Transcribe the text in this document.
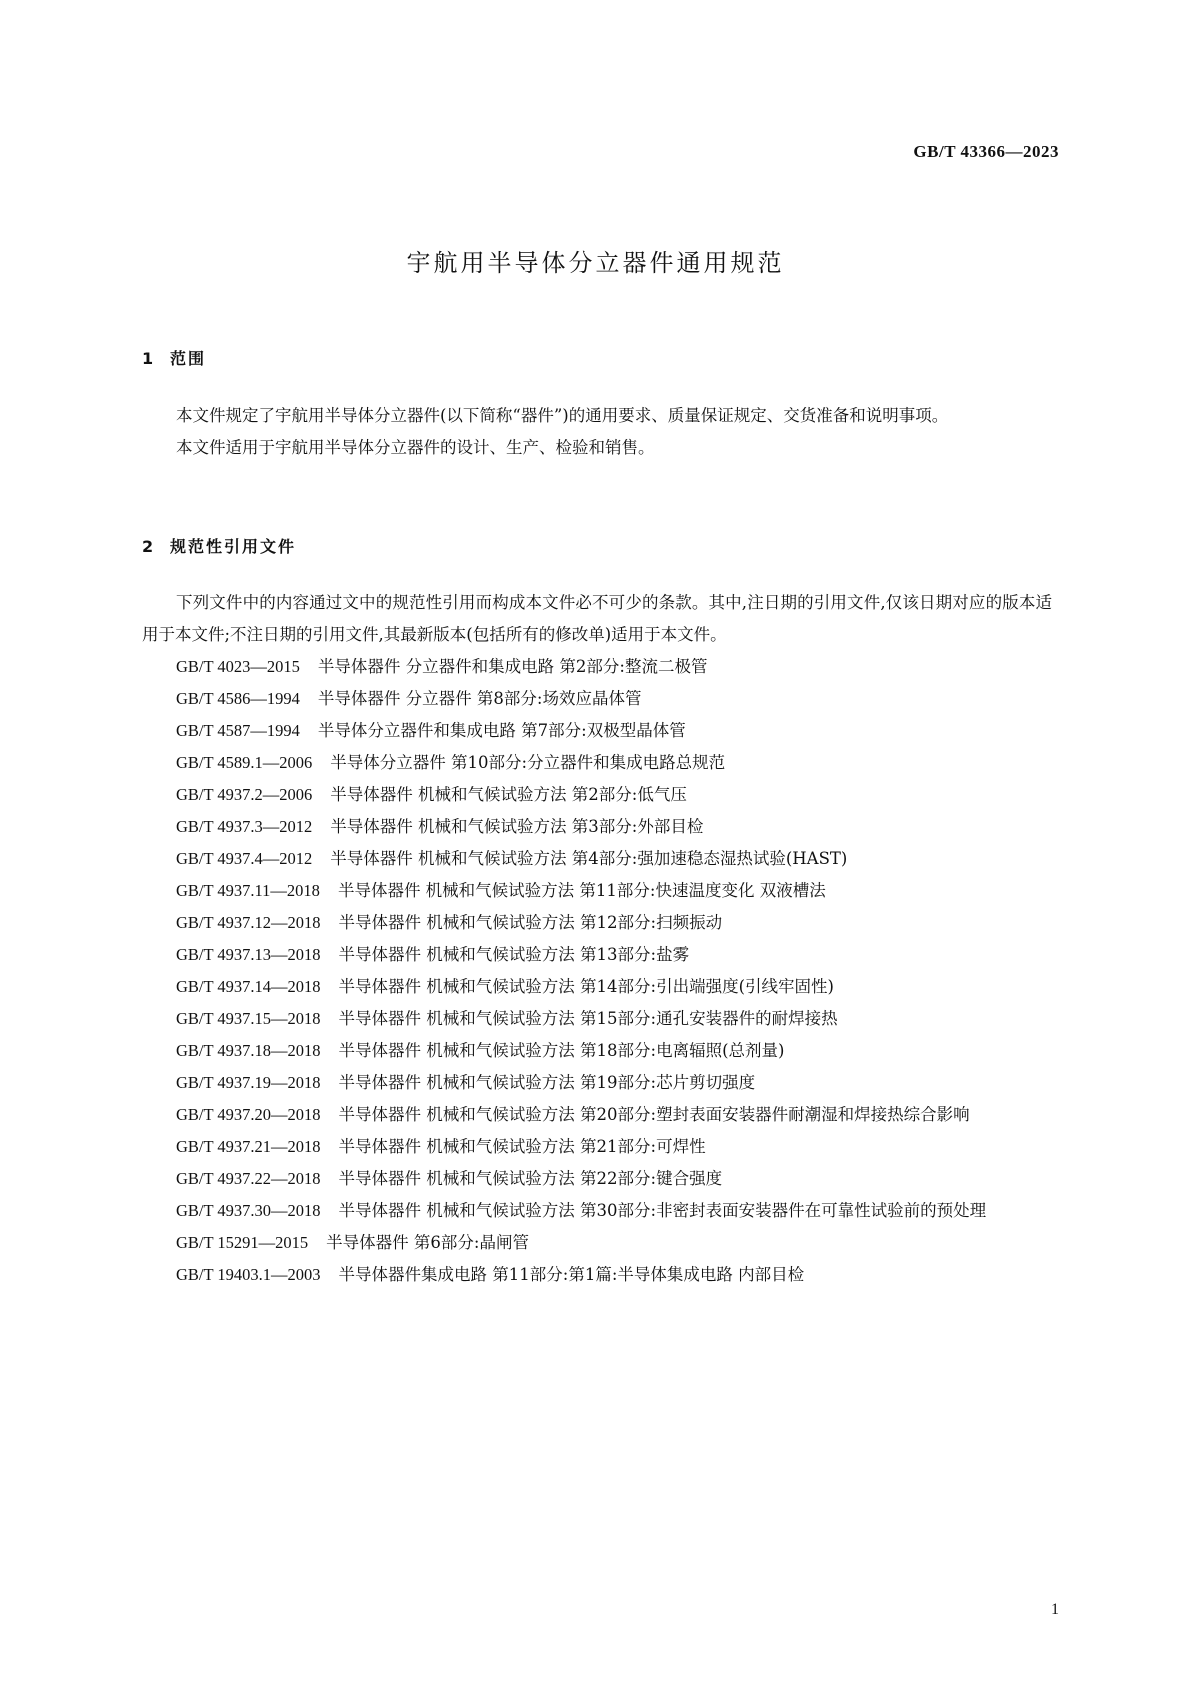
GB/T 43366—2023
宇航用半导体分立器件通用规范
1 范围

本文件规定了宇航用半导体分立器件(以下简称“器件”)的通用要求、质量保证规定、交货准备和说明事项。

本文件适用于宇航用半导体分立器件的设计、生产、检验和销售。

2 规范性引用文件

下列文件中的内容通过文中的规范性引用而构成本文件必不可少的条款。其中,注日期的引用文件,仅该日期对应的版本适用于本文件;不注日期的引用文件,其最新版本(包括所有的修改单)适用于本文件。

GB/T 4023—2015 半导体器件 分立器件和集成电路 第2部分:整流二极管

GB/T 4586—1994 半导体器件 分立器件 第8部分:场效应晶体管

GB/T 4587—1994 半导体分立器件和集成电路 第7部分:双极型晶体管

GB/T 4589.1—2006 半导体分立器件 第10部分:分立器件和集成电路总规范

GB/T 4937.2—2006 半导体器件 机械和气候试验方法 第2部分:低气压

GB/T 4937.3—2012 半导体器件 机械和气候试验方法 第3部分:外部目检

GB/T 4937.4—2012 半导体器件 机械和气候试验方法 第4部分:强加速稳态湿热试验(HAST)

GB/T 4937.11—2018 半导体器件 机械和气候试验方法 第11部分:快速温度变化 双液槽法

GB/T 4937.12—2018 半导体器件 机械和气候试验方法 第12部分:扫频振动

GB/T 4937.13—2018 半导体器件 机械和气候试验方法 第13部分:盐雾

GB/T 4937.14—2018 半导体器件 机械和气候试验方法 第14部分:引出端强度(引线牢固性)

GB/T 4937.15—2018 半导体器件 机械和气候试验方法 第15部分:通孔安装器件的耐焊接热

GB/T 4937.18—2018 半导体器件 机械和气候试验方法 第18部分:电离辐照(总剂量)

GB/T 4937.19—2018 半导体器件 机械和气候试验方法 第19部分:芯片剪切强度

GB/T 4937.20—2018 半导体器件 机械和气候试验方法 第20部分:塑封表面安装器件耐潮湿和焊接热综合影响

GB/T 4937.21—2018 半导体器件 机械和气候试验方法 第21部分:可焊性

GB/T 4937.22—2018 半导体器件 机械和气候试验方法 第22部分:键合强度

GB/T 4937.30—2018 半导体器件 机械和气候试验方法 第30部分:非密封表面安装器件在可靠性试验前的预处理

GB/T 15291—2015 半导体器件 第6部分:晶闸管

GB/T 19403.1—2003 半导体器件集成电路 第11部分:第1篇:半导体集成电路 内部目检

1
